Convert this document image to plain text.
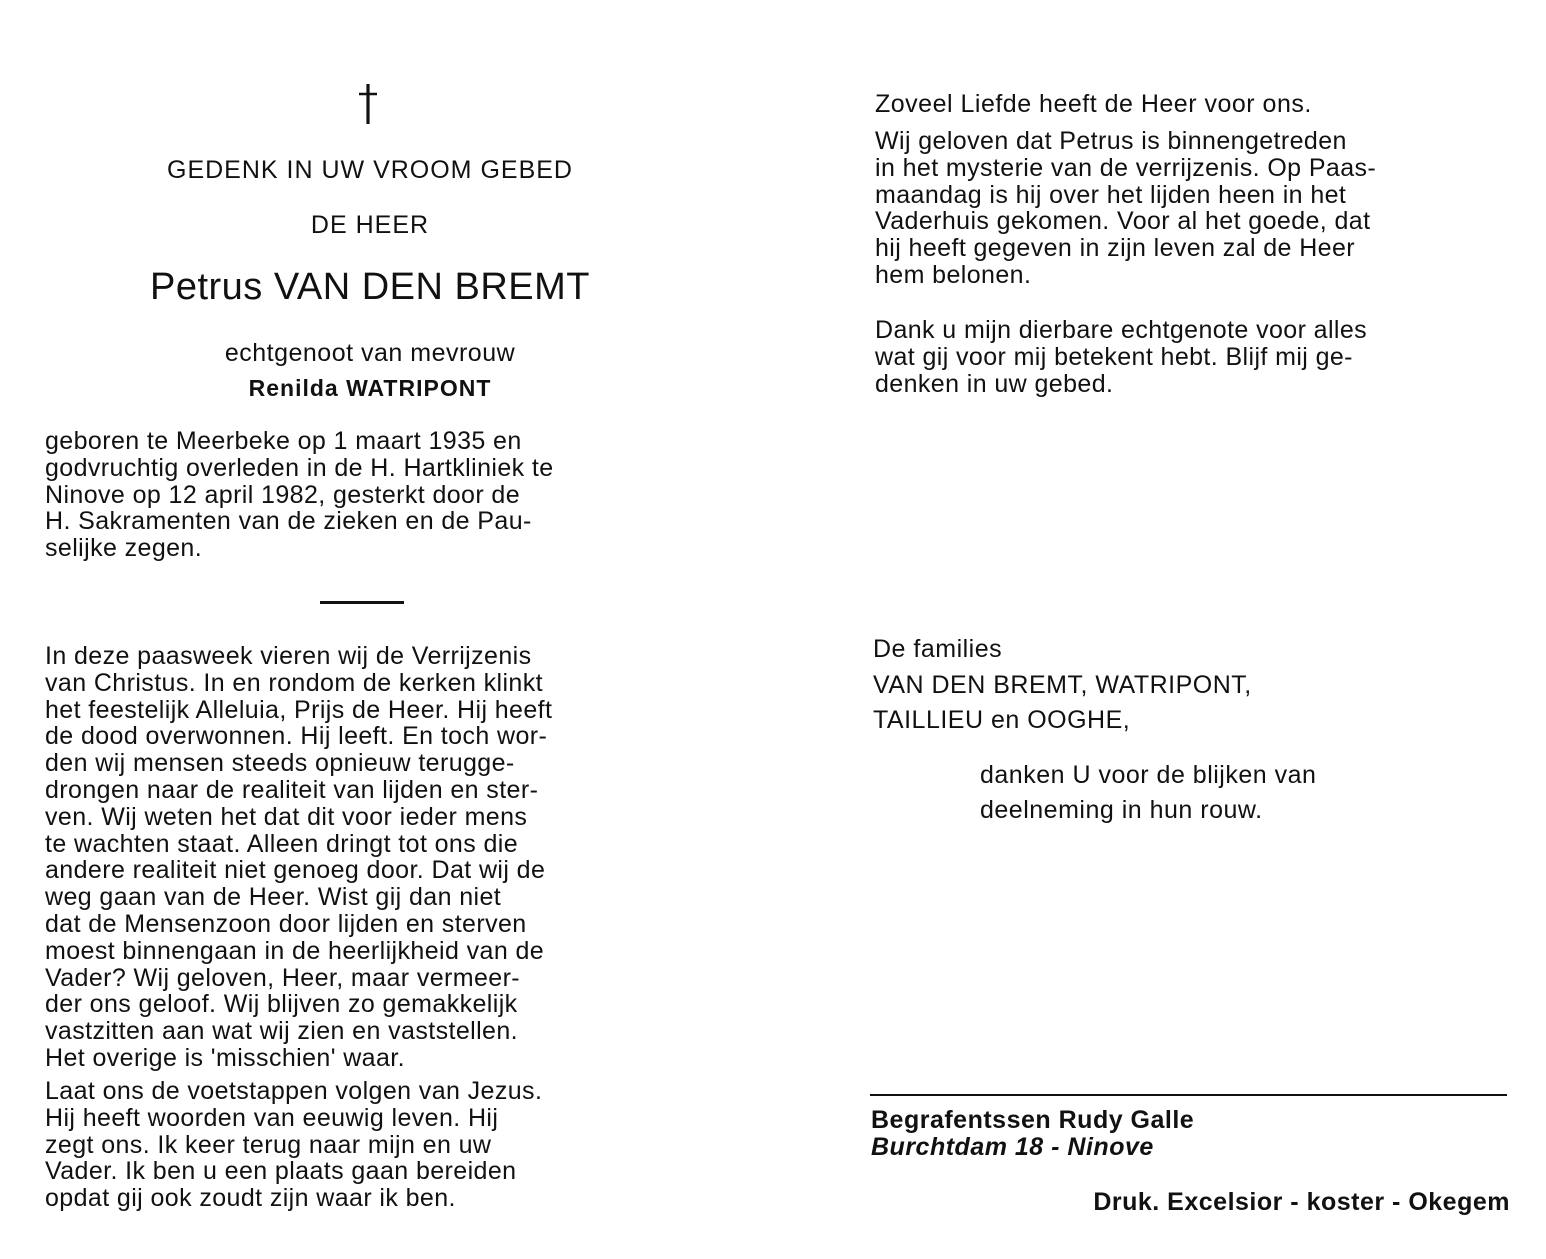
GEDENK IN UW VROOM GEBED
DE HEER
Petrus VAN DEN BREMT
echtgenoot van mevrouw
Renilda WATRIPONT
geboren te Meerbeke op 1 maart 1935 en
godvruchtig overleden in de H. Hartkliniek te
Ninove op 12 april 1982, gesterkt door de
H. Sakramenten van de zieken en de Pau-
selijke zegen.
In deze paasweek vieren wij de Verrijzenis
van Christus. In en rondom de kerken klinkt
het feestelijk Alleluia, Prijs de Heer. Hij heeft
de dood overwonnen. Hij leeft. En toch wor-
den wij mensen steeds opnieuw terugge-
drongen naar de realiteit van lijden en ster-
ven. Wij weten het dat dit voor ieder mens
te wachten staat. Alleen dringt tot ons die
andere realiteit niet genoeg door. Dat wij de
weg gaan van de Heer. Wist gij dan niet
dat de Mensenzoon door lijden en sterven
moest binnengaan in de heerlijkheid van de
Vader? Wij geloven, Heer, maar vermeer-
der ons geloof. Wij blijven zo gemakkelijk
vastzitten aan wat wij zien en vaststellen.
Het overige is 'misschien' waar.
Laat ons de voetstappen volgen van Jezus.
Hij heeft woorden van eeuwig leven. Hij
zegt ons. Ik keer terug naar mijn en uw
Vader. Ik ben u een plaats gaan bereiden
opdat gij ook zoudt zijn waar ik ben.
Zoveel Liefde heeft de Heer voor ons.
Wij geloven dat Petrus is binnengetreden
in het mysterie van de verrijzenis. Op Paas-
maandag is hij over het lijden heen in het
Vaderhuis gekomen. Voor al het goede, dat
hij heeft gegeven in zijn leven zal de Heer
hem belonen.
Dank u mijn dierbare echtgenote voor alles
wat gij voor mij betekent hebt. Blijf mij ge-
denken in uw gebed.
De families
VAN DEN BREMT, WATRIPONT,
TAILLIEU en OOGHE,
danken U voor de blijken van
deelneming in hun rouw.
Begrafentssen Rudy Galle
Burchtdam 18 - Ninove
Druk. Excelsior - koster - Okegem
